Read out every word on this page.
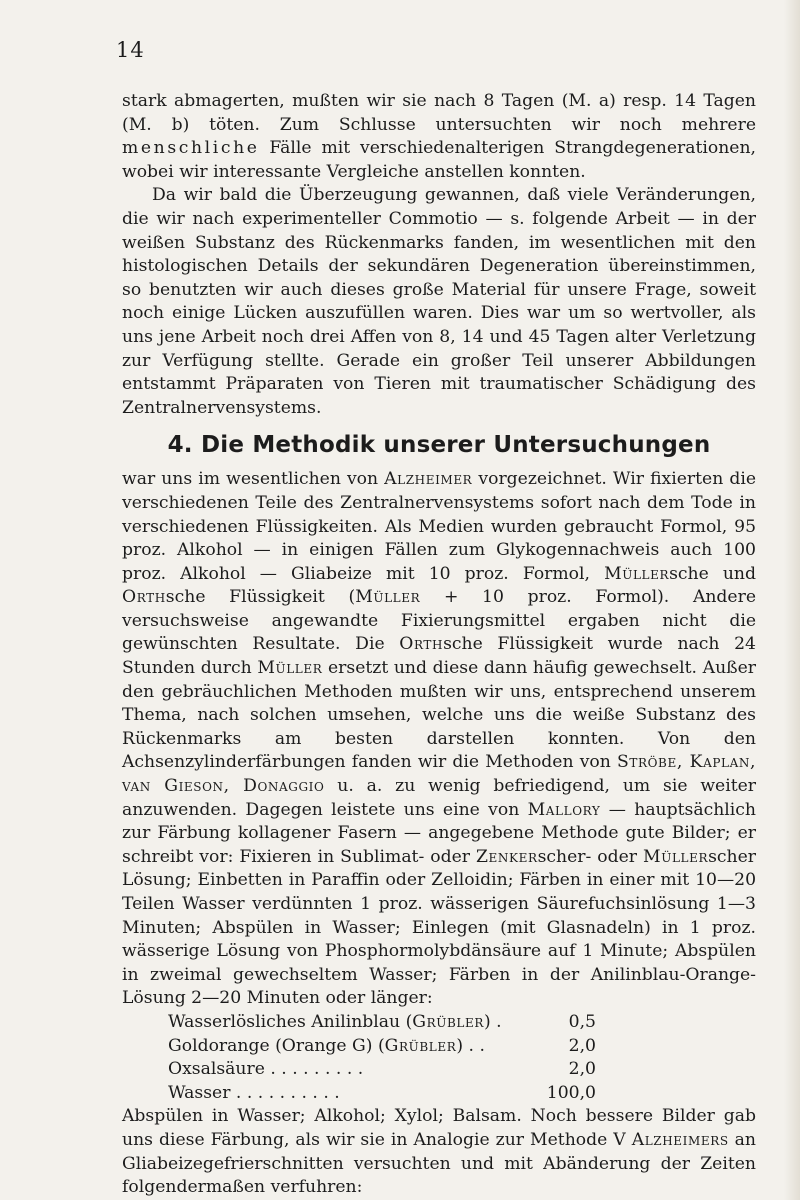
14

stark abmagerten, mußten wir sie nach 8 Tagen (M. a) resp. 14 Tagen (M. b) töten. Zum Schlusse untersuchten wir noch mehrere menschliche Fälle mit verschiedenalterigen Strangdegenerationen, wobei wir interessante Vergleiche anstellen konnten.

Da wir bald die Überzeugung gewannen, daß viele Veränderungen, die wir nach experimenteller Commotio — s. folgende Arbeit — in der weißen Substanz des Rückenmarks fanden, im wesentlichen mit den histologischen Details der sekundären Degeneration übereinstimmen, so benutzten wir auch dieses große Material für unsere Frage, soweit noch einige Lücken auszufüllen waren. Dies war um so wertvoller, als uns jene Arbeit noch drei Affen von 8, 14 und 45 Tagen alter Verletzung zur Verfügung stellte. Gerade ein großer Teil unserer Abbildungen entstammt Präparaten von Tieren mit traumatischer Schädigung des Zentralnervensystems.

4. Die Methodik unserer Untersuchungen

war uns im wesentlichen von Alzheimer vorgezeichnet. Wir fixierten die verschiedenen Teile des Zentralnervensystems sofort nach dem Tode in verschiedenen Flüssigkeiten. Als Medien wurden gebraucht Formol, 95 proz. Alkohol — in einigen Fällen zum Glykogennachweis auch 100 proz. Alkohol — Gliabeize mit 10 proz. Formol, Müllersche und Orthsche Flüssigkeit (Müller + 10 proz. Formol). Andere versuchsweise angewandte Fixierungsmittel ergaben nicht die gewünschten Resultate. Die Orthsche Flüssigkeit wurde nach 24 Stunden durch Müller ersetzt und diese dann häufig gewechselt. Außer den gebräuchlichen Methoden mußten wir uns, entsprechend unserem Thema, nach solchen umsehen, welche uns die weiße Substanz des Rückenmarks am besten darstellen konnten. Von den Achsenzylinderfärbungen fanden wir die Methoden von Ströbe, Kaplan, van Gieson, Donaggio u. a. zu wenig befriedigend, um sie weiter anzuwenden. Dagegen leistete uns eine von Mallory — hauptsächlich zur Färbung kollagener Fasern — angegebene Methode gute Bilder; er schreibt vor: Fixieren in Sublimat- oder Zenkerscher- oder Müllerscher Lösung; Einbetten in Paraffin oder Zelloidin; Färben in einer mit 10—20 Teilen Wasser verdünnten 1 proz. wässerigen Säurefuchsinlösung 1—3 Minuten; Abspülen in Wasser; Einlegen (mit Glasnadeln) in 1 proz. wässerige Lösung von Phosphormolybdänsäure auf 1 Minute; Abspülen in zweimal gewechseltem Wasser; Färben in der Anilinblau-Orange-Lösung 2—20 Minuten oder länger:

Wasserlösliches Anilinblau (Grübler) .	0,5
Goldorange (Orange G) (Grübler) . .	2,0
Oxsalsäure . . . . . . . . .	2,0
Wasser . . . . . . . . . .	100,0

Abspülen in Wasser; Alkohol; Xylol; Balsam. Noch bessere Bilder gab uns diese Färbung, als wir sie in Analogie zur Methode V Alzheimers an Gliabeizegefrierschnitten versuchten und mit Abänderung der Zeiten folgendermaßen verfuhren:
